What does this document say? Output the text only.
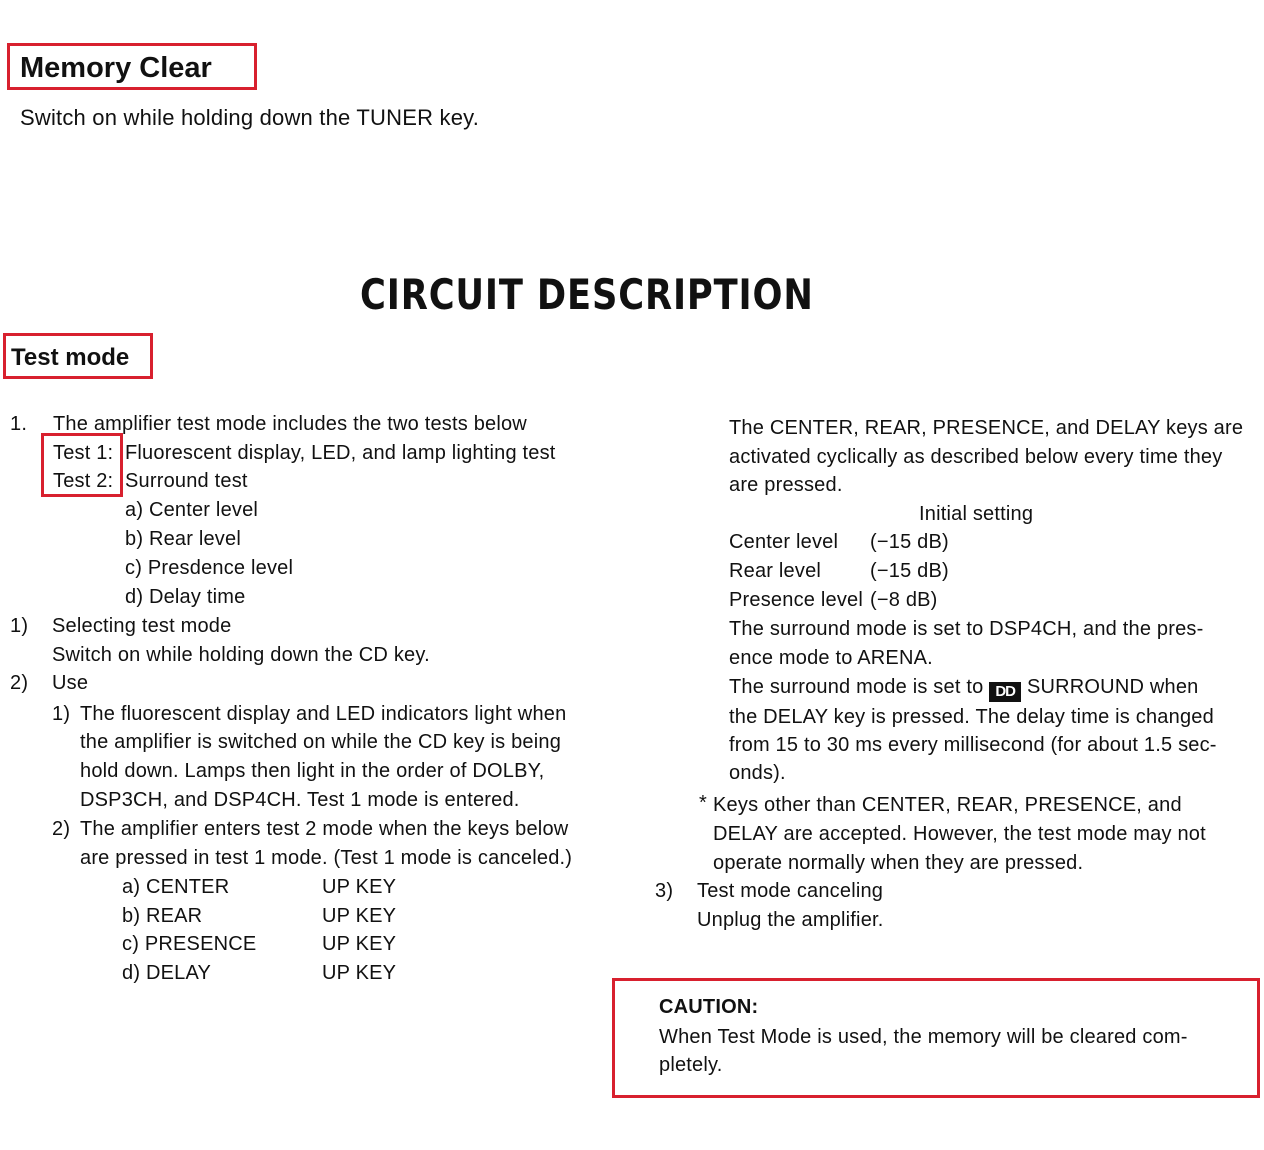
Memory Clear
Switch on while holding down the TUNER key.
CIRCUIT DESCRIPTION
Test mode
1. The amplifier test mode includes the two tests below
Test 1: Fluorescent display, LED, and lamp lighting test
Test 2: Surround test
a) Center level
b) Rear level
c) Presdence level
d) Delay time
1) Selecting test mode
Switch on while holding down the CD key.
2) Use
1) The fluorescent display and LED indicators light when
the amplifier is switched on while the CD key is being
hold down. Lamps then light in the order of DOLBY,
DSP3CH, and DSP4CH. Test 1 mode is entered.
2) The amplifier enters test 2 mode when the keys below
are pressed in test 1 mode. (Test 1 mode is canceled.)
a) CENTER	UP KEY
b) REAR	UP KEY
c) PRESENCE	UP KEY
d) DELAY	UP KEY
The CENTER, REAR, PRESENCE, and DELAY keys are
activated cyclically as described below every time they
are pressed.
Initial setting
Center level (−15 dB)
Rear level (−15 dB)
Presence level (−8 dB)
The surround mode is set to DSP4CH, and the pres-
ence mode to ARENA.
The surround mode is set to DD SURROUND when
the DELAY key is pressed. The delay time is changed
from 15 to 30 ms every millisecond (for about 1.5 sec-
onds).
* Keys other than CENTER, REAR, PRESENCE, and
DELAY are accepted. However, the test mode may not
operate normally when they are pressed.
3) Test mode canceling
Unplug the amplifier.
CAUTION:
When Test Mode is used, the memory will be cleared com-
pletely.
